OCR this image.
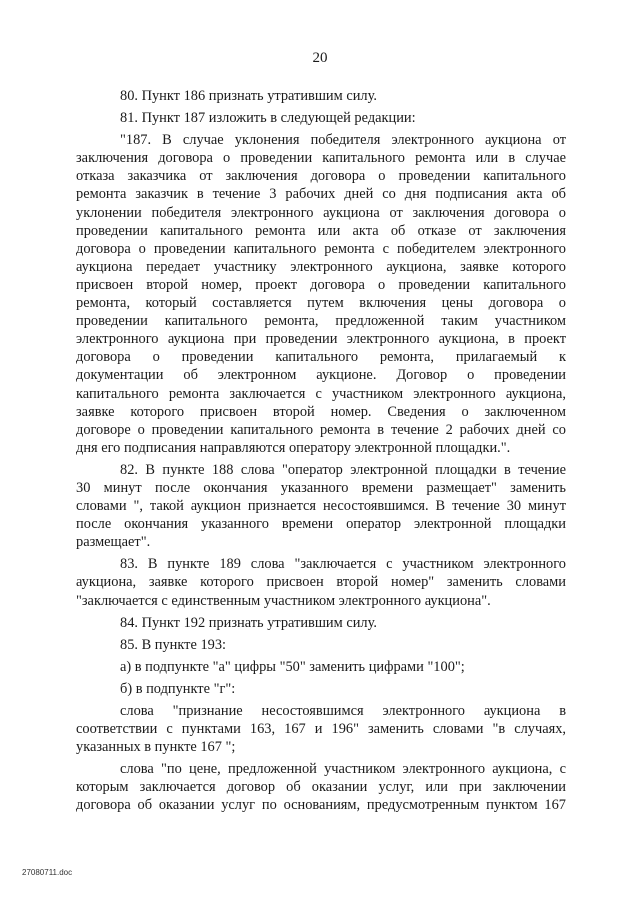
20
80. Пункт 186 признать утратившим силу.
81. Пункт 187 изложить в следующей редакции:
"187. В случае уклонения победителя электронного аукциона от
заключения договора о проведении капитального ремонта или в случае
отказа заказчика от заключения договора о проведении капитального
ремонта заказчик в течение 3 рабочих дней со дня подписания акта об
уклонении победителя электронного аукциона от заключения договора о
проведении капитального ремонта или акта об отказе от заключения
договора о проведении капитального ремонта с победителем электронного
аукциона передает участнику электронного аукциона, заявке которого
присвоен второй номер, проект договора о проведении капитального
ремонта, который составляется путем включения цены договора о
проведении капитального ремонта, предложенной таким участником
электронного аукциона при проведении электронного аукциона, в проект
договора о проведении капитального ремонта, прилагаемый к
документации об электронном аукционе. Договор о проведении
капитального ремонта заключается с участником электронного аукциона,
заявке которого присвоен второй номер. Сведения о заключенном
договоре о проведении капитального ремонта в течение 2 рабочих дней со
дня его подписания направляются оператору электронной площадки.".
82. В пункте 188 слова "оператор электронной площадки в течение
30 минут после окончания указанного времени размещает" заменить
словами ", такой аукцион признается несостоявшимся. В течение 30 минут
после окончания указанного времени оператор электронной площадки
размещает".
83. В пункте 189 слова "заключается с участником электронного
аукциона, заявке которого присвоен второй номер" заменить словами
"заключается с единственным участником электронного аукциона".
84. Пункт 192 признать утратившим силу.
85. В пункте 193:
а) в подпункте "а" цифры "50" заменить цифрами "100";
б) в подпункте "г":
слова "признание несостоявшимся электронного аукциона в
соответствии с пунктами 163, 167 и 196" заменить словами "в случаях,
указанных в пункте 167 ";
слова "по цене, предложенной участником электронного аукциона, с
которым заключается договор об оказании услуг, или при заключении
договора об оказании услуг по основаниям, предусмотренным пунктом 167
27080711.doc
